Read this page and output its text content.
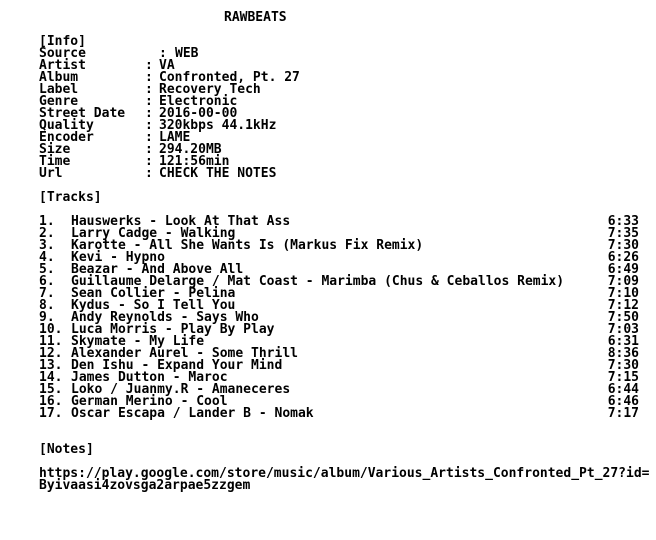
RAWBEATS
[Info]
Source	: WEB
Artist	:
VA
Album	:
Confronted, Pt. 27
Label	:
Recovery Tech
Genre	:
Electronic
Street Date :
2016-00-00
Quality	:
320kbps 44.1kHz
Encoder	:
LAME
Size	:
294.20MB
Time	:
121:56min
Url	:
CHECK THE NOTES
[Tracks]
1.	Hauswerks - Look At That Ass	6:33
2.	Larry Cadge - Walking	7:35
3.	Karotte - All She Wants Is (Markus Fix Remix)	7:30
4.	Kevi - Hypno	6:26
5.	Beazar - And Above All	6:49
6.	Guillaume Delarge / Mat Coast - Marimba (Chus & Ceballos Remix)	7:09
7.	Sean Collier - Pelina	7:10
8.	Kydus - So I Tell You	7:12
9.	Andy Reynolds - Says Who	7:50
10. Luca Morris - Play By Play	7:03
11. Skymate - My Life	6:31
12. Alexander Aurel - Some Thrill	8:36
13. Den Ishu - Expand Your Mind	7:30
14. James Dutton - Maroc	7:15
15. Loko / Juanmy.R - Amaneceres	6:44
16. German Merino - Cool	6:46
17. Oscar Escapa / Lander B - Nomak	7:17
[Notes]
https://play.google.com/store/music/album/Various_Artists_Confronted_Pt_27?id=Byivaasi4zovsga2arpae5zzgem
